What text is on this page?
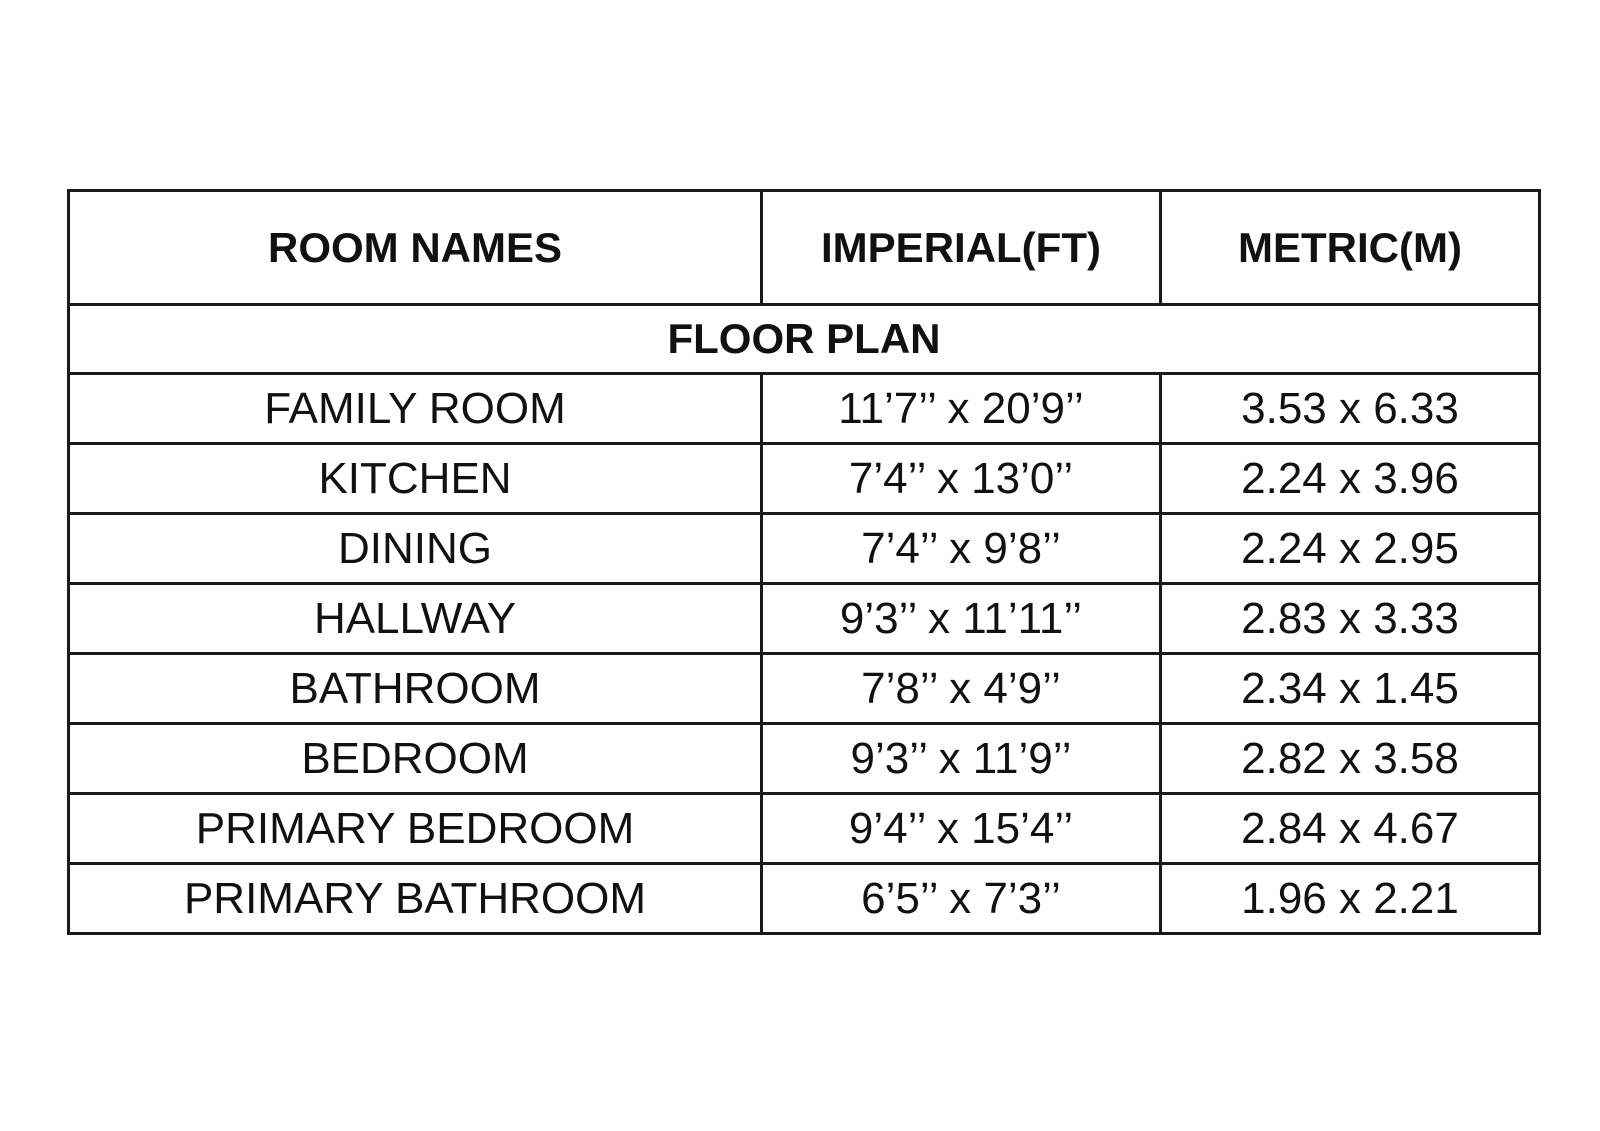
ROOM NAMES	IMPERIAL(FT)	METRIC(M)
FLOOR PLAN		
FAMILY ROOM	11’7’’ x 20’9’’	3.53 x 6.33
KITCHEN	7’4’’ x 13’0’’	2.24 x 3.96
DINING	7’4’’ x 9’8’’	2.24 x 2.95
HALLWAY	9’3’’ x 11’11’’	2.83 x 3.33
BATHROOM	7’8’’ x 4’9’’	2.34 x 1.45
BEDROOM	9’3’’ x 11’9’’	2.82 x 3.58
PRIMARY BEDROOM	9’4’’ x 15’4’’	2.84 x 4.67
PRIMARY BATHROOM	6’5’’ x 7’3’’	1.96 x 2.21
